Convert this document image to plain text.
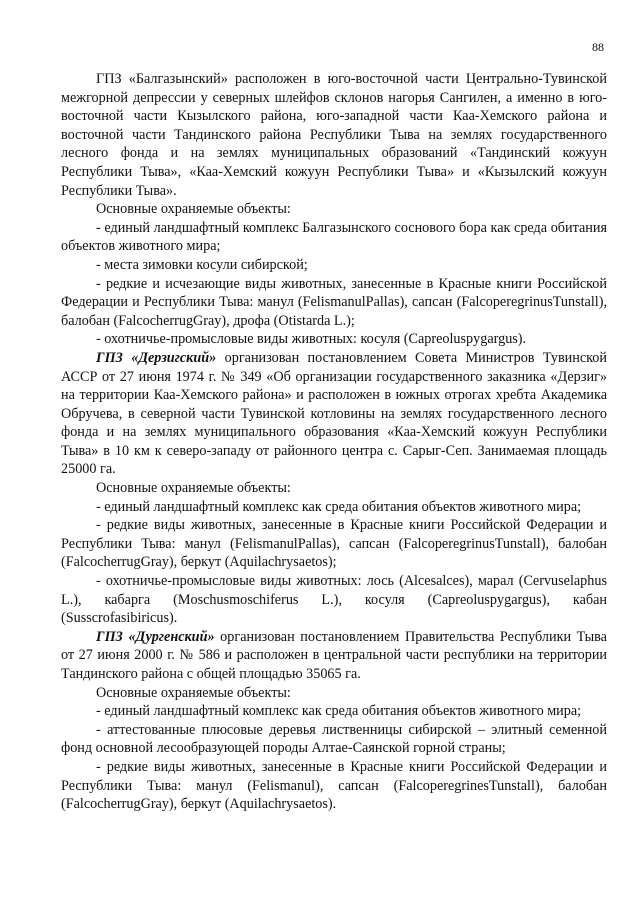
88

ГПЗ «Балгазынский» расположен в юго-восточной части Центрально-Тувинской межгорной депрессии у северных шлейфов склонов нагорья Сангилен, а именно в юго-восточной части Кызылского района, юго-западной части Каа-Хемского района и восточной части Тандинского района Республики Тыва на землях государственного лесного фонда и на землях муниципальных образований «Тандинский кожуун Республики Тыва», «Каа-Хемский кожуун Республики Тыва» и «Кызылский кожуун Республики Тыва».

Основные охраняемые объекты:

- единый ландшафтный комплекс Балгазынского соснового бора как среда обитания объектов животного мира;

- места зимовки косули сибирской;

- редкие и исчезающие виды животных, занесенные в Красные книги Российской Федерации и Республики Тыва: манул (FelismanulPallas), сапсан (FalcoperegrinusTunstall), балобан (FalcocherrugGray), дрофа (Otistarda L.);

- охотничье-промысловые виды животных: косуля (Capreoluspygargus).

ГПЗ «Дерзигский» организован постановлением Совета Министров Тувинской АССР от 27 июня 1974 г. № 349 «Об организации государственного заказника «Дерзиг» на территории Каа-Хемского района» и расположен в южных отрогах хребта Академика Обручева, в северной части Тувинской котловины на землях государственного лесного фонда и на землях муниципального образования «Каа-Хемский кожуун Республики Тыва» в 10 км к северо-западу от районного центра с. Сарыг-Сеп. Занимаемая площадь 25000 га.

Основные охраняемые объекты:

- единый ландшафтный комплекс как среда обитания объектов животного мира;

- редкие виды животных, занесенные в Красные книги Российской Федерации и Республики Тыва: манул (FelismanulPallas), сапсан (FalcoperegrinusTunstall), балобан (FalcocherrugGray), беркут (Aquilachrysaetos);

- охотничье-промысловые виды животных: лось (Alcesalces), марал (Cervuselaphus L.), кабарга (Moschusmoschiferus L.), косуля (Capreoluspygargus), кабан (Susscrofasibiricus).

ГПЗ «Дургенский» организован постановлением Правительства Республики Тыва от 27 июня 2000 г. № 586 и расположен в центральной части республики на территории Тандинского района с общей площадью 35065 га.

Основные охраняемые объекты:

- единый ландшафтный комплекс как среда обитания объектов животного мира;

- аттестованные плюсовые деревья лиственницы сибирской – элитный семенной фонд основной лесообразующей породы Алтае-Саянской горной страны;

- редкие виды животных, занесенные в Красные книги Российской Федерации и Республики Тыва: манул (Felismanul), сапсан (FalcoperegrinesTunstall), балобан (FalcocherrugGray), беркут (Aquilachrysaetos).
